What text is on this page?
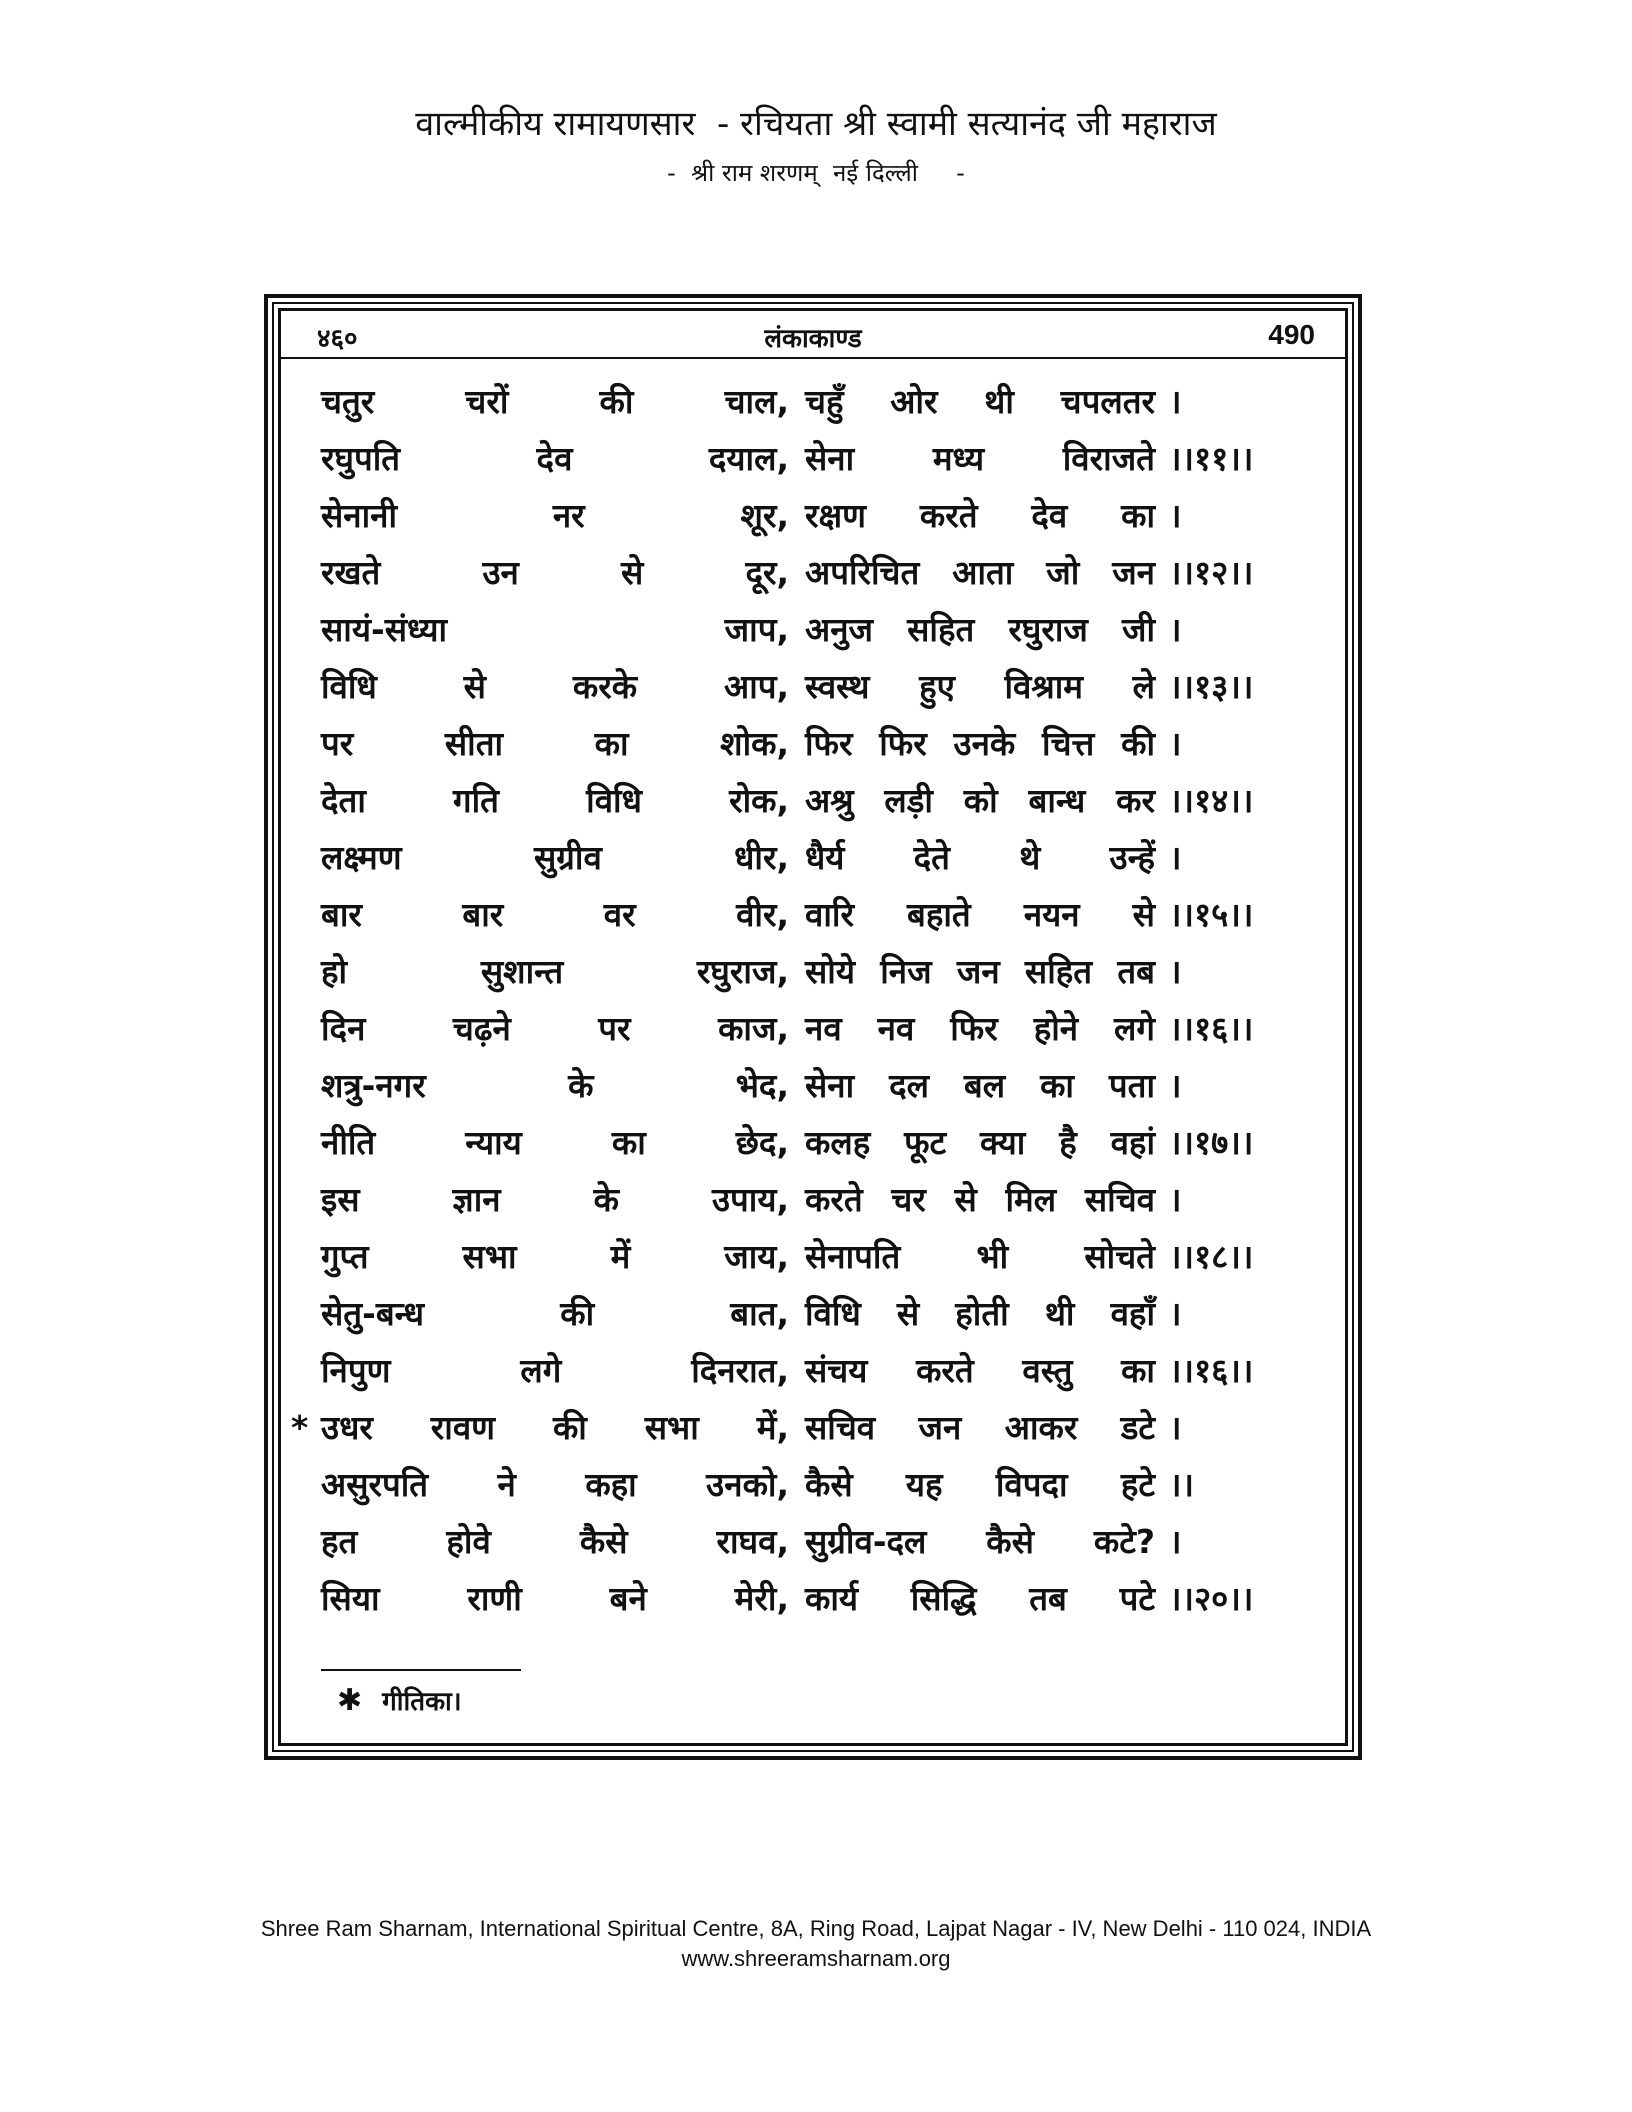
वाल्मीकीय रामायणसार  - रचियता श्री स्वामी सत्यानंद जी महाराज
-  श्री राम शरणम्  नई दिल्ली     -
४६०	लंकाकाण्ड	490
चतुर चरों की चाल, चहुँ ओर थी चपलतर ।
रघुपति देव दयाल, सेना मध्य विराजते ।।११।।
सेनानी नर शूर, रक्षण करते देव का ।
रखते उन से दूर, अपरिचित आता जो जन ।।१२।।
सायं-संध्या जाप, अनुज सहित रघुराज जी ।
विधि से करके आप, स्वस्थ हुए विश्राम ले ।।१३।।
पर सीता का शोक, फिर फिर उनके चित्त की ।
देता गति विधि रोक, अश्रु लड़ी को बान्ध कर ।।१४।।
लक्ष्मण सुग्रीव धीर, धैर्य देते थे उन्हें ।
बार बार वर वीर, वारि बहाते नयन से ।।१५।।
हो सुशान्त रघुराज, सोये निज जन सहित तब ।
दिन चढ़ने पर काज, नव नव फिर होने लगे ।।१६।।
शत्रु-नगर के भेद, सेना दल बल का पता ।
नीति न्याय का छेद, कलह फूट क्या है वहां ।।१७।।
इस ज्ञान के उपाय, करते चर से मिल सचिव ।
गुप्त सभा में जाय, सेनापति भी सोचते ।।१८।।
सेतु-बन्ध की बात, विधि से होती थी वहाँ ।
निपुण लगे दिनरात, संचय करते वस्तु का ।।१६।।
* उधर रावण की सभा में, सचिव जन आकर डटे ।
असुरपति ने कहा उनको, कैसे यह विपदा हटे ।।
हत होवे कैसे राघव, सुग्रीव-दल कैसे कटे? ।
सिया राणी बने मेरी, कार्य सिद्धि तब पटे ।।२०।।
✱ गीतिका।
Shree Ram Sharnam, International Spiritual Centre, 8A, Ring Road, Lajpat Nagar - IV, New Delhi - 110 024, INDIA
www.shreeramsharnam.org
